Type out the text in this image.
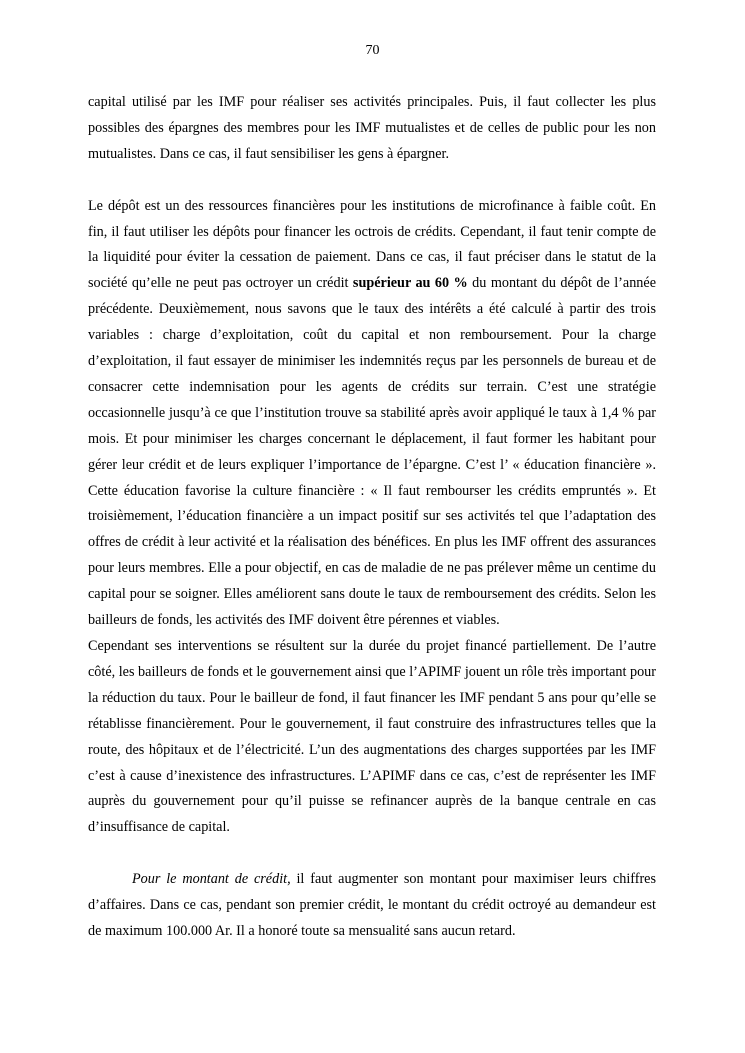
70

capital utilisé par les IMF pour réaliser ses activités principales. Puis, il faut collecter les plus possibles des épargnes des membres pour les IMF mutualistes et de celles de public pour les non mutualistes. Dans ce cas, il faut sensibiliser les gens à épargner.

Le dépôt est un des ressources financières pour les institutions de microfinance à faible coût. En fin, il faut utiliser les dépôts pour financer les octrois de crédits. Cependant, il faut tenir compte de la liquidité pour éviter la cessation de paiement. Dans ce cas, il faut préciser dans le statut de la société qu’elle ne peut pas octroyer un crédit supérieur au 60 % du montant du dépôt de l’année précédente. Deuxièmement, nous savons que le taux des intérêts a été calculé à partir des trois variables : charge d’exploitation, coût du capital et non remboursement. Pour la charge d’exploitation, il faut essayer de minimiser les indemnités reçus par les personnels de bureau et de consacrer cette indemnisation pour les agents de crédits sur terrain. C’est une stratégie occasionnelle jusqu’à ce que l’institution trouve sa stabilité après avoir appliqué le taux à 1,4 % par mois. Et pour minimiser les charges concernant le déplacement, il faut former les habitant pour gérer leur crédit et de leurs expliquer l’importance de l’épargne. C’est l’ « éducation financière ». Cette éducation favorise la culture financière : « Il faut rembourser les crédits empruntés ». Et troisièmement, l’éducation financière a un impact positif sur ses activités tel que l’adaptation des offres de crédit à leur activité et la réalisation des bénéfices. En plus les IMF offrent des assurances pour leurs membres. Elle a pour objectif, en cas de maladie de ne pas prélever même un centime du capital pour se soigner. Elles améliorent sans doute le taux de remboursement des crédits. Selon les bailleurs de fonds, les activités des IMF doivent être pérennes et viables.

Cependant ses interventions se résultent sur la durée du projet financé partiellement. De l’autre côté, les bailleurs de fonds et le gouvernement ainsi que l’APIMF jouent un rôle très important pour la réduction du taux. Pour le bailleur de fond, il faut financer les IMF pendant 5 ans pour qu’elle se rétablisse financièrement. Pour le gouvernement, il faut construire des infrastructures telles que la route, des hôpitaux et de l’électricité. L’un des augmentations des charges supportées par les IMF c’est à cause d’inexistence des infrastructures. L’APIMF dans ce cas, c’est de représenter les IMF auprès du gouvernement pour qu’il puisse se refinancer auprès de la banque centrale en cas d’insuffisance de capital.

Pour le montant de crédit, il faut augmenter son montant pour maximiser leurs chiffres d’affaires. Dans ce cas, pendant son premier crédit, le montant du crédit octroyé au demandeur est de maximum 100.000 Ar. Il a honoré toute sa mensualité sans aucun retard.
